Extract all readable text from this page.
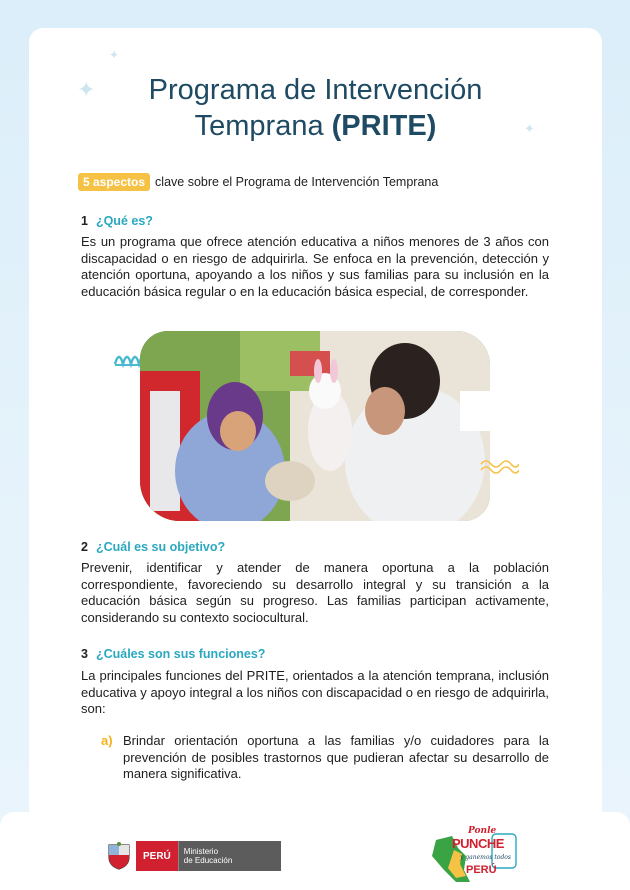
✦
✦
✦
Programa de Intervención
Temprana (PRITE)
5 aspectos clave sobre el Programa de Intervención Temprana
1 ¿Qué es?

Es un programa que ofrece atención educativa a niños menores de 3 años con discapacidad o en riesgo de adquirirla. Se enfoca en la prevención, detección y atención oportuna, apoyando a los niños y sus familias para su inclusión en la educación básica regular o en la educación básica especial, de corresponder.

2 ¿Cuál es su objetivo?

Prevenir, identificar y atender de manera oportuna a la población correspondiente, favoreciendo su desarrollo integral y su transición a la educación básica según su progreso. Las familias participan activamente, considerando su contexto sociocultural.

3 ¿Cuáles son sus funciones?

La principales funciones del PRITE, orientados a la atención temprana, inclusión educativa y apoyo integral a los niños con discapacidad o en riesgo de adquirirla, son:

a) Brindar orientación oportuna a las familias y/o cuidadores para la prevención de posibles trastornos que pudieran afectar su desarrollo de manera significativa.
PERÚ	Ministerio
de Educación
Ponle
PUNCHE
y ganemos todos
PERÚ
